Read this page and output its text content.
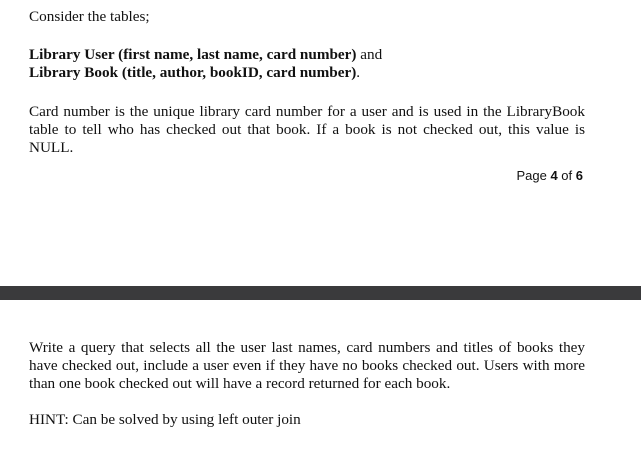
Consider the tables;

Library User (first name, last name, card number) and
Library Book (title, author, bookID, card number).

Card number is the unique library card number for a user and is used in the LibraryBook table to tell who has checked out that book. If a book is not checked out, this value is NULL.

Page 4 of 6

Write a query that selects all the user last names, card numbers and titles of books they have checked out, include a user even if they have no books checked out. Users with more than one book checked out will have a record returned for each book.

HINT: Can be solved by using left outer join
